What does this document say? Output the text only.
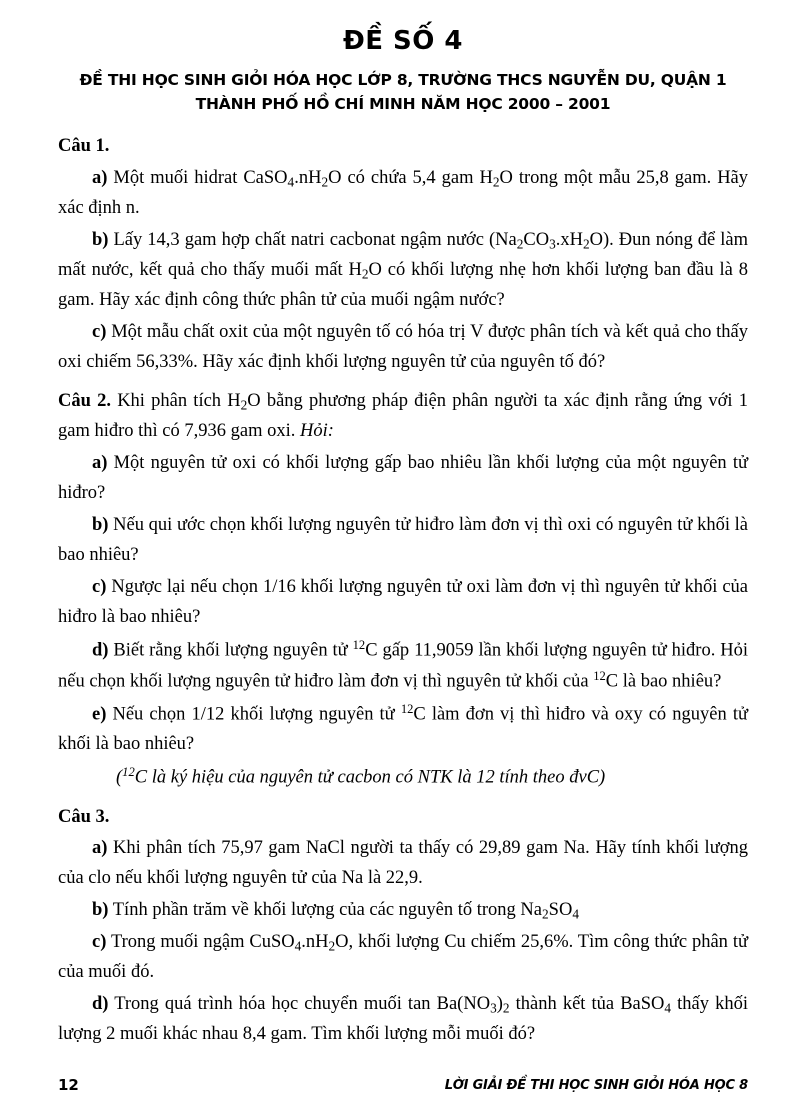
ĐỀ SỐ 4
ĐỀ THI HỌC SINH GIỎI HÓA HỌC LỚP 8, TRƯỜNG THCS NGUYỄN DU, QUẬN 1
THÀNH PHỐ HỒ CHÍ MINH NĂM HỌC 2000 – 2001
Câu 1.
a) Một muối hidrat $CaSO_4.nH_2O$ có chứa 5,4 gam $H_2O$ trong một mẫu 25,8 gam. Hãy xác định n.
b) Lấy 14,3 gam hợp chất natri cacbonat ngậm nước $(Na_2CO_3.xH_2O)$. Đun nóng để làm mất nước, kết quả cho thấy muối mất $H_2O$ có khối lượng nhẹ hơn khối lượng ban đầu là 8 gam. Hãy xác định công thức phân tử của muối ngậm nước?
c) Một mẫu chất oxit của một nguyên tố có hóa trị V được phân tích và kết quả cho thấy oxi chiếm 56,33%. Hãy xác định khối lượng nguyên tử của nguyên tố đó?
Câu 2. Khi phân tích $H_2O$ bằng phương pháp điện phân người ta xác định rằng ứng với 1 gam hiđro thì có 7,936 gam oxi. Hỏi:
a) Một nguyên tử oxi có khối lượng gấp bao nhiêu lần khối lượng của một nguyên tử hiđro?
b) Nếu qui ước chọn khối lượng nguyên tử hiđro làm đơn vị thì oxi có nguyên tử khối là bao nhiêu?
c) Ngược lại nếu chọn 1/16 khối lượng nguyên tử oxi làm đơn vị thì nguyên tử khối của hiđro là bao nhiêu?
d) Biết rằng khối lượng nguyên tử $^{12}$C gấp 11,9059 lần khối lượng nguyên tử hiđro. Hỏi nếu chọn khối lượng nguyên tử hiđro làm đơn vị thì nguyên tử khối của $^{12}$C là bao nhiêu?
e) Nếu chọn 1/12 khối lượng nguyên tử $^{12}$C làm đơn vị thì hiđro và oxy có nguyên tử khối là bao nhiêu?
($^{12}$C là ký hiệu của nguyên tử cacbon có NTK là 12 tính theo đvC)
Câu 3.
a) Khi phân tích 75,97 gam NaCl người ta thấy có 29,89 gam Na. Hãy tính khối lượng của clo nếu khối lượng nguyên tử của Na là 22,9.
b) Tính phần trăm về khối lượng của các nguyên tố trong $Na_2SO_4$
c) Trong muối ngậm $CuSO_4.nH_2O$, khối lượng Cu chiếm 25,6%. Tìm công thức phân tử của muối đó.
d) Trong quá trình hóa học chuyển muối $\tan Ba(NO_3)_2$ thành kết tủa BaSO$_4$ thấy khối lượng 2 muối khác nhau 8,4 gam. Tìm khối lượng mỗi muối đó?
12	LỜI GIẢI ĐỀ THI HỌC SINH GIỎI HÓA HỌC 8
